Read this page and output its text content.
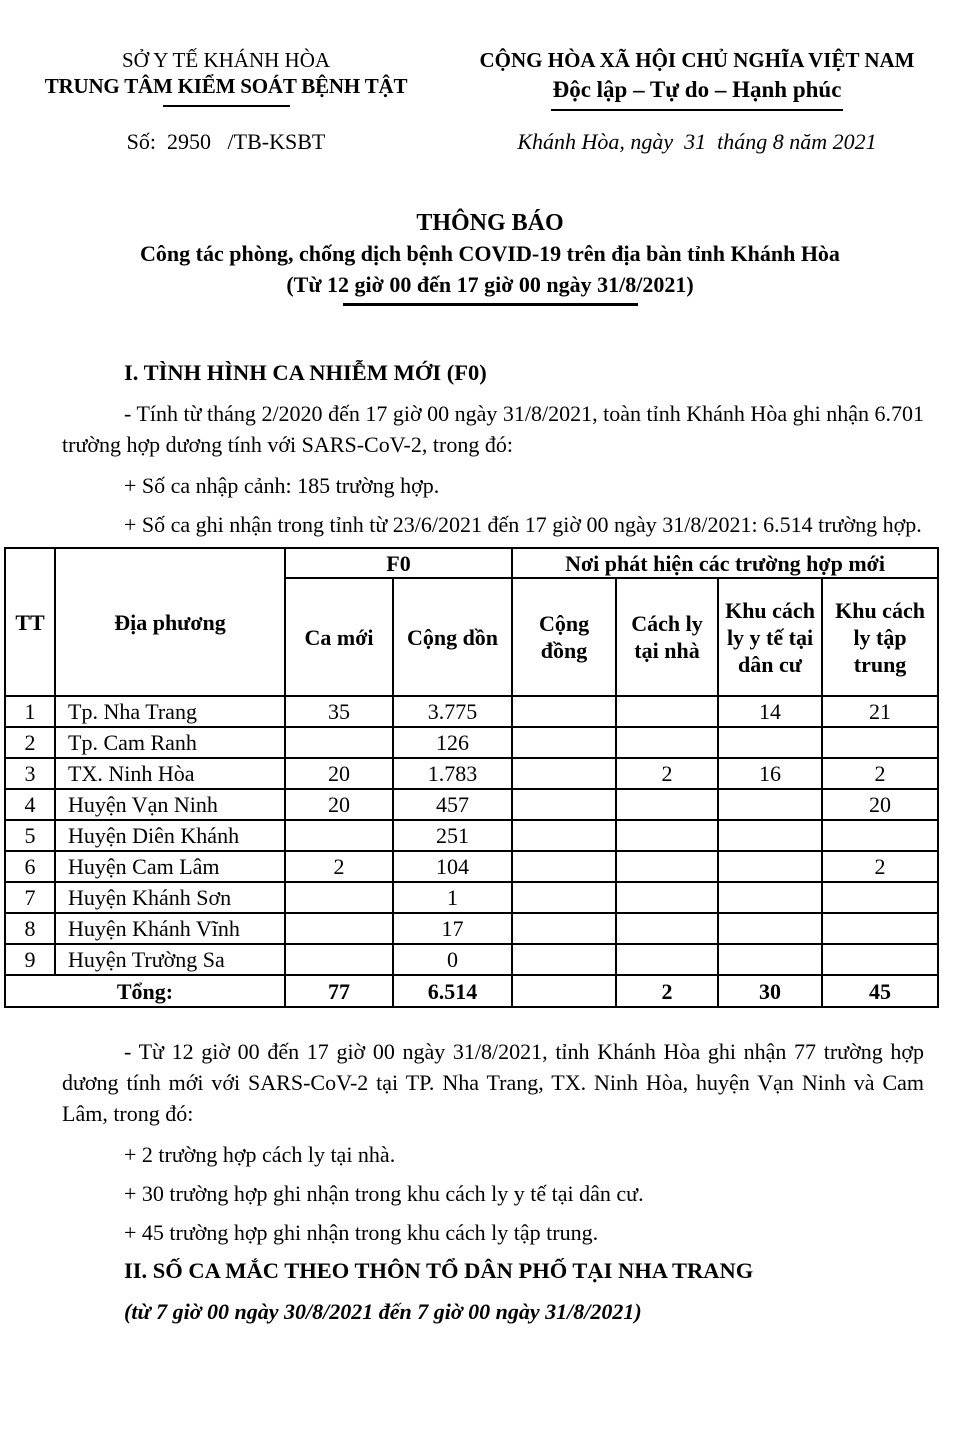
SỞ Y TẾ KHÁNH HÒA
TRUNG TÂM KIỂM SOÁT BỆNH TẬT
Số:  2950   /TB-KSBT
CỘNG HÒA XÃ HỘI CHỦ NGHĨA VIỆT NAM
Độc lập – Tự do – Hạnh phúc
Khánh Hòa, ngày  31  tháng 8 năm 2021
THÔNG BÁO
Công tác phòng, chống dịch bệnh COVID-19 trên địa bàn tỉnh Khánh Hòa
(Từ 12 giờ 00 đến 17 giờ 00 ngày 31/8/2021)
I. TÌNH HÌNH CA NHIỄM MỚI (F0)

- Tính từ tháng 2/2020 đến 17 giờ 00 ngày 31/8/2021, toàn tỉnh Khánh Hòa ghi nhận 6.701 trường hợp dương tính với SARS-CoV-2, trong đó:

+ Số ca nhập cảnh: 185 trường hợp.

+ Số ca ghi nhận trong tỉnh từ 23/6/2021 đến 17 giờ 00 ngày 31/8/2021: 6.514 trường hợp.

TT	Địa phương	F0		Nơi phát hiện các trường hợp mới			
		Ca mới	Cộng dồn	Cộng đồng	Cách ly tại nhà	Khu cách ly y tế tại dân cư	Khu cách ly tập trung
1	Tp. Nha Trang	35	3.775			14	21
2	Tp. Cam Ranh		126				
3	TX. Ninh Hòa	20	1.783		2	16	2
4	Huyện Vạn Ninh	20	457				20
5	Huyện Diên Khánh		251				
6	Huyện Cam Lâm	2	104				2
7	Huyện Khánh Sơn		1				
8	Huyện Khánh Vĩnh		17				
9	Huyện Trường Sa		0				
Tổng:		77	6.514		2	30	45

- Từ 12 giờ 00 đến 17 giờ 00 ngày 31/8/2021, tỉnh Khánh Hòa ghi nhận 77 trường hợp dương tính mới với SARS-CoV-2 tại TP. Nha Trang, TX. Ninh Hòa, huyện Vạn Ninh và Cam Lâm, trong đó:

+ 2 trường hợp cách ly tại nhà.

+ 30 trường hợp ghi nhận trong khu cách ly y tế tại dân cư.

+ 45 trường hợp ghi nhận trong khu cách ly tập trung.

II. SỐ CA MẮC THEO THÔN TỔ DÂN PHỐ TẠI NHA TRANG
(từ 7 giờ 00 ngày 30/8/2021 đến 7 giờ 00 ngày 31/8/2021)
